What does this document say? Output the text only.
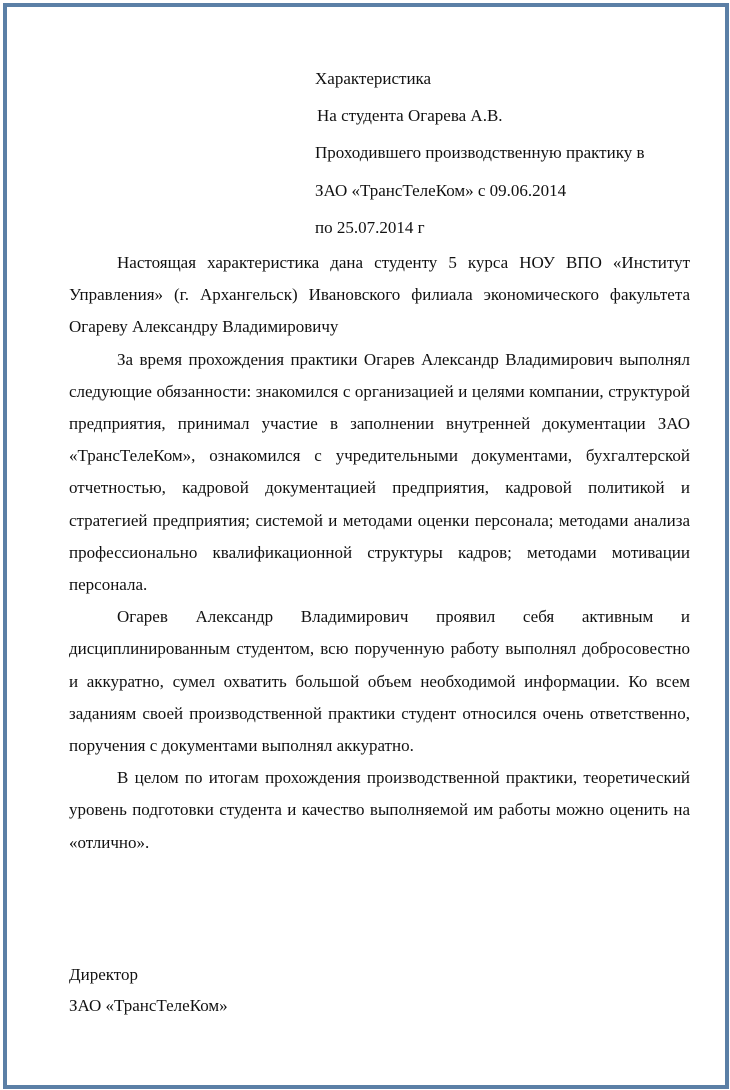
Характеристика
На студента Огарева А.В.
Проходившего производственную практику в
ЗАО «ТрансТелеКом» с 09.06.2014
по 25.07.2014 г

Настоящая характеристика дана студенту 5 курса НОУ ВПО «Институт Управления» (г. Архангельск) Ивановского филиала экономического факультета Огареву Александру Владимировичу

За время прохождения практики Огарев Александр Владимирович выполнял следующие обязанности: знакомился с организацией и целями компании, структурой предприятия, принимал участие в заполнении внутренней документации ЗАО «ТрансТелеКом», ознакомился с учредительными документами, бухгалтерской отчетностью, кадровой документацией предприятия, кадровой политикой и стратегией предприятия; системой и методами оценки персонала; методами анализа профессионально квалификационной структуры кадров; методами мотивации персонала.

Огарев Александр Владимирович проявил себя активным и дисциплинированным студентом, всю порученную работу выполнял добросовестно и аккуратно, сумел охватить большой объем необходимой информации. Ко всем заданиям своей производственной практики студент относился очень ответственно, поручения с документами выполнял аккуратно.

В целом по итогам прохождения производственной практики, теоретический уровень подготовки студента и качество выполняемой им работы можно оценить на «отлично».

Директор
ЗАО «ТрансТелеКом»
